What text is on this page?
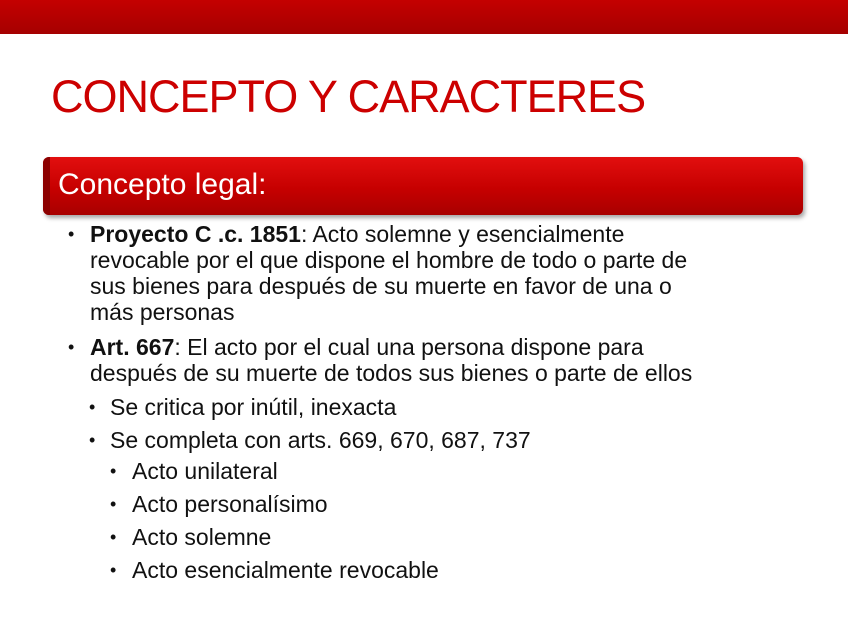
CONCEPTO Y CARACTERES
Concepto legal:
• Proyecto C .c. 1851: Acto solemne y esencialmente
revocable por el que dispone el hombre de todo o parte de
sus bienes para después de su muerte en favor de una o
más personas
• Art. 667: El acto por el cual una persona dispone para
después de su muerte de todos sus bienes o parte de ellos
• Se critica por inútil, inexacta
• Se completa con arts. 669, 670, 687, 737
• Acto unilateral
• Acto personalísimo
• Acto solemne
• Acto esencialmente revocable
